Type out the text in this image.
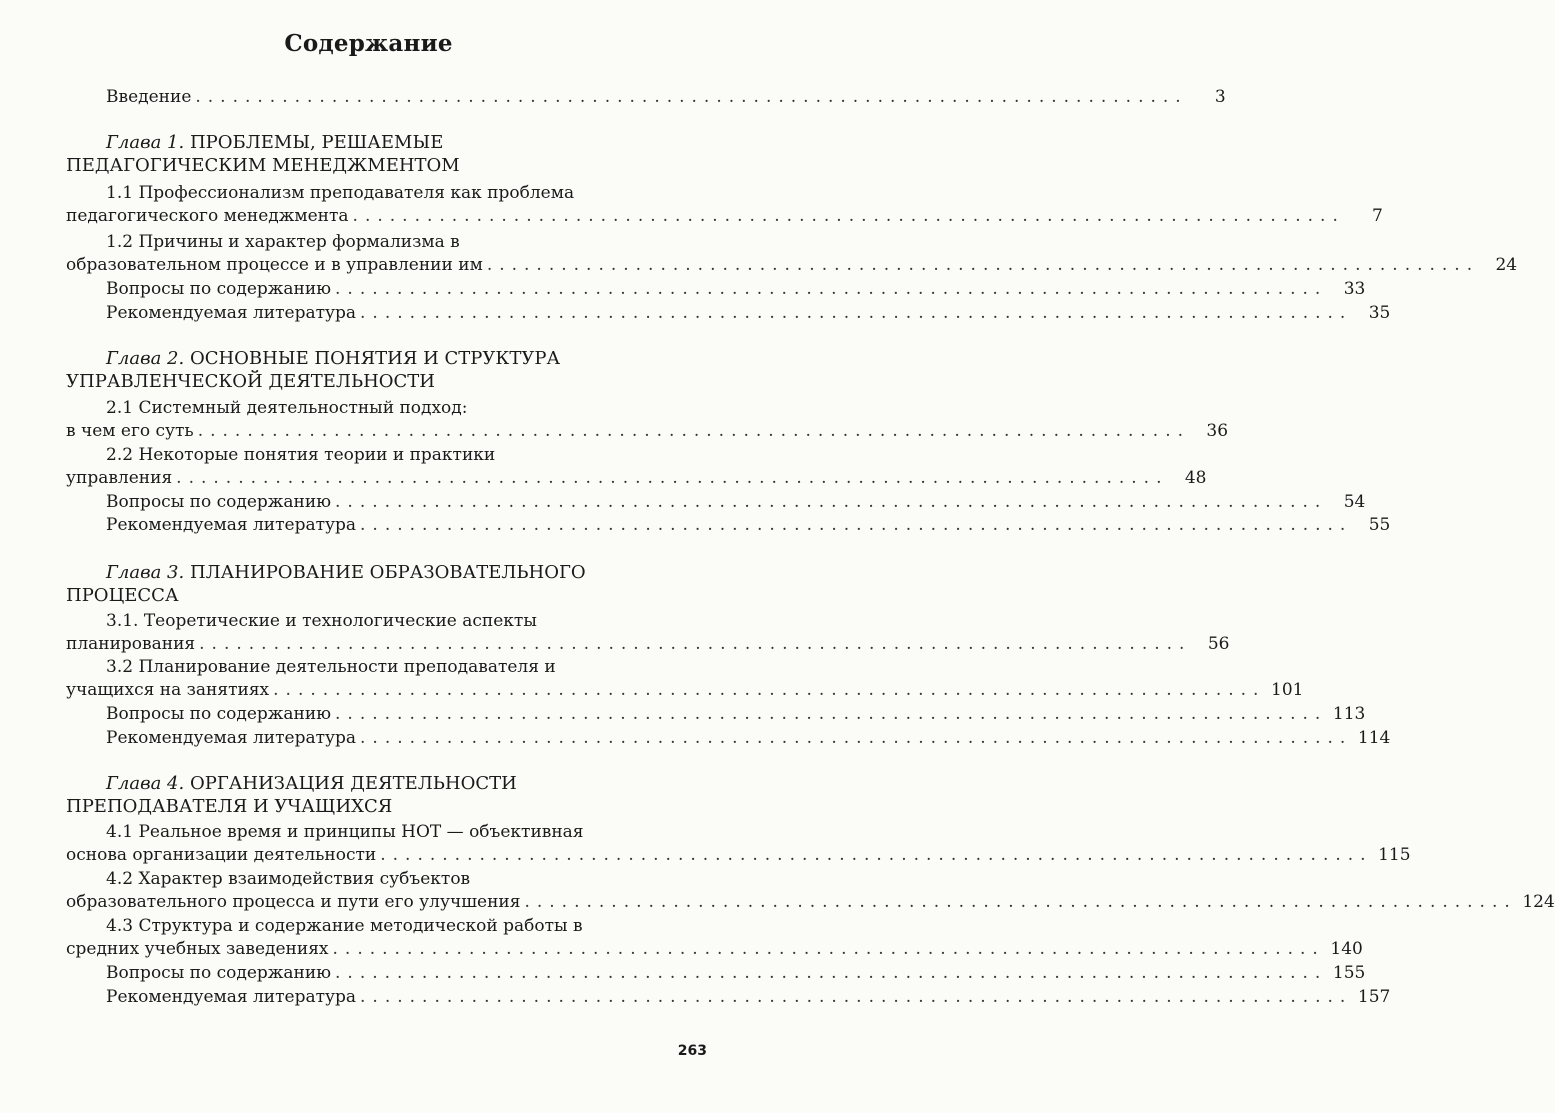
Содержание
Введение ................................................................................	3
Глава 1. ПРОБЛЕМЫ, РЕШАЕМЫЕ
ПЕДАГОГИЧЕСКИМ МЕНЕДЖМЕНТОМ
1.1 Профессионализм преподавателя как проблема
педагогического менеджмента ................................................................................	7
1.2 Причины и характер формализма в
образовательном процессе и в управлении им ................................................................................ 24
Вопросы по содержанию ................................................................................ 33
Рекомендуемая литература ................................................................................ 35
Глава 2. ОСНОВНЫЕ ПОНЯТИЯ И СТРУКТУРА
УПРАВЛЕНЧЕСКОЙ ДЕЯТЕЛЬНОСТИ
2.1 Системный деятельностный подход:
в чем его суть ................................................................................ 36
2.2 Некоторые понятия теории и практики
управления ................................................................................ 48
Вопросы по содержанию ................................................................................ 54
Рекомендуемая литература ................................................................................ 55
Глава 3. ПЛАНИРОВАНИЕ ОБРАЗОВАТЕЛЬНОГО
ПРОЦЕССА
3.1. Теоретические и технологические аспекты
планирования ................................................................................ 56
3.2 Планирование деятельности преподавателя и
учащихся на занятиях ................................................................................ 101
Вопросы по содержанию ................................................................................ 113
Рекомендуемая литература ................................................................................ 114
Глава 4. ОРГАНИЗАЦИЯ ДЕЯТЕЛЬНОСТИ
ПРЕПОДАВАТЕЛЯ И УЧАЩИХСЯ
4.1 Реальное время и принципы НОТ — объективная
основа организации деятельности ................................................................................ 115
4.2 Характер взаимодействия субъектов
образовательного процесса и пути его улучшения ................................................................................ 124
4.3 Структура и содержание методической работы в
средних учебных заведениях ................................................................................ 140
Вопросы по содержанию ................................................................................ 155
Рекомендуемая литература ................................................................................ 157
263
